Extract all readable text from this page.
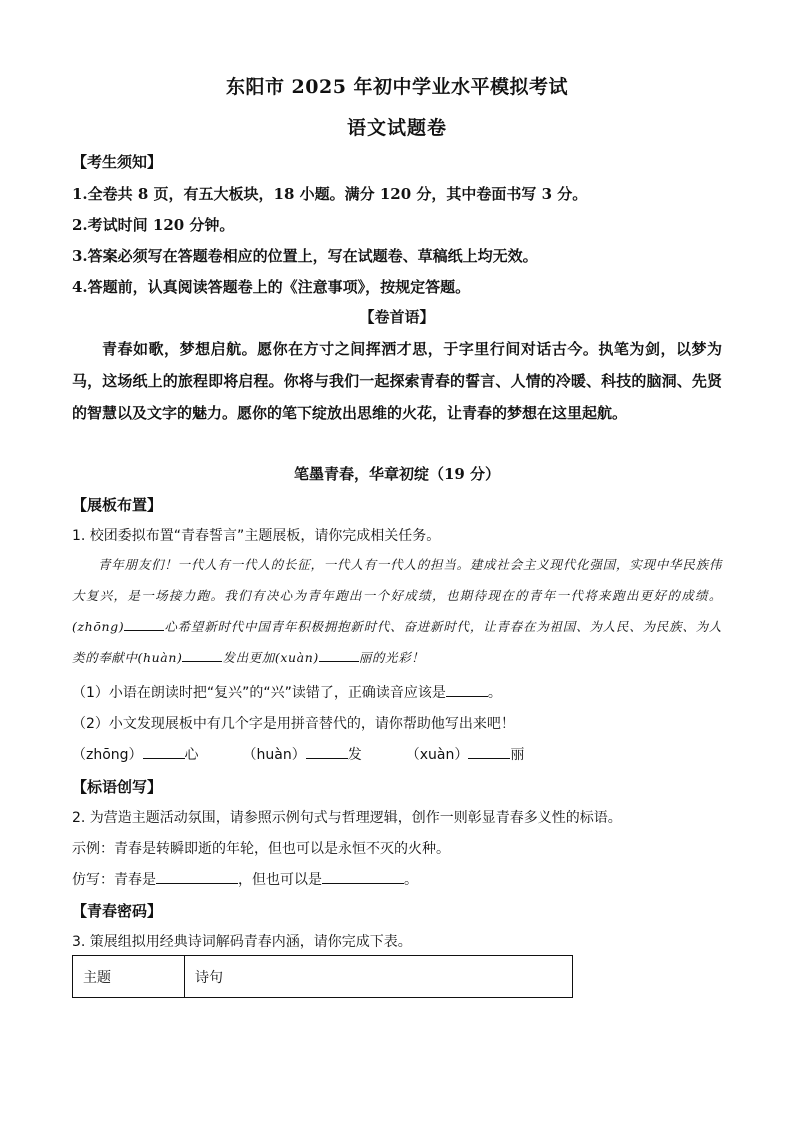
东阳市 2025 年初中学业水平模拟考试
语文试题卷
【考生须知】
1.全卷共 8 页，有五大板块，18 小题。满分 120 分，其中卷面书写 3 分。
2.考试时间 120 分钟。
3.答案必须写在答题卷相应的位置上，写在试题卷、草稿纸上均无效。
4.答题前，认真阅读答题卷上的《注意事项》，按规定答题。
【卷首语】
青春如歌，梦想启航。愿你在方寸之间挥洒才思，于字里行间对话古今。执笔为剑，以梦为马，这场纸上的旅程即将启程。你将与我们一起探索青春的誓言、人情的冷暖、科技的脑洞、先贤的智慧以及文字的魅力。愿你的笔下绽放出思维的火花，让青春的梦想在这里起航。
笔墨青春，华章初绽（19 分）
【展板布置】
1. 校团委拟布置“青春誓言”主题展板，请你完成相关任务。
青年朋友们！一代人有一代人的长征，一代人有一代人的担当。建成社会主义现代化强国，实现中华民族伟大复兴，是一场接力跑。我们有决心为青年跑出一个好成绩，也期待现在的青年一代将来跑出更好的成绩。(zhōng)	心希望新时代中国青年积极拥抱新时代、奋进新时代，让青春在为祖国、为人民、为民族、为人类的奉献中(huàn)	发出更加(xuàn)	丽的光彩！
（1）小语在朗读时把“复兴”的“兴”读错了，正确读音应该是	。
（2）小文发现展板中有几个字是用拼音替代的，请你帮助他写出来吧！
（zhōng）	心	（huàn）	发	（xuàn）	丽
【标语创写】
2. 为营造主题活动氛围，请参照示例句式与哲理逻辑，创作一则彰显青春多义性的标语。
示例：青春是转瞬即逝的年轮，但也可以是永恒不灭的火种。
仿写：青春是	，但也可以是	。
【青春密码】
3. 策展组拟用经典诗词解码青春内涵，请你完成下表。
主题	诗句
